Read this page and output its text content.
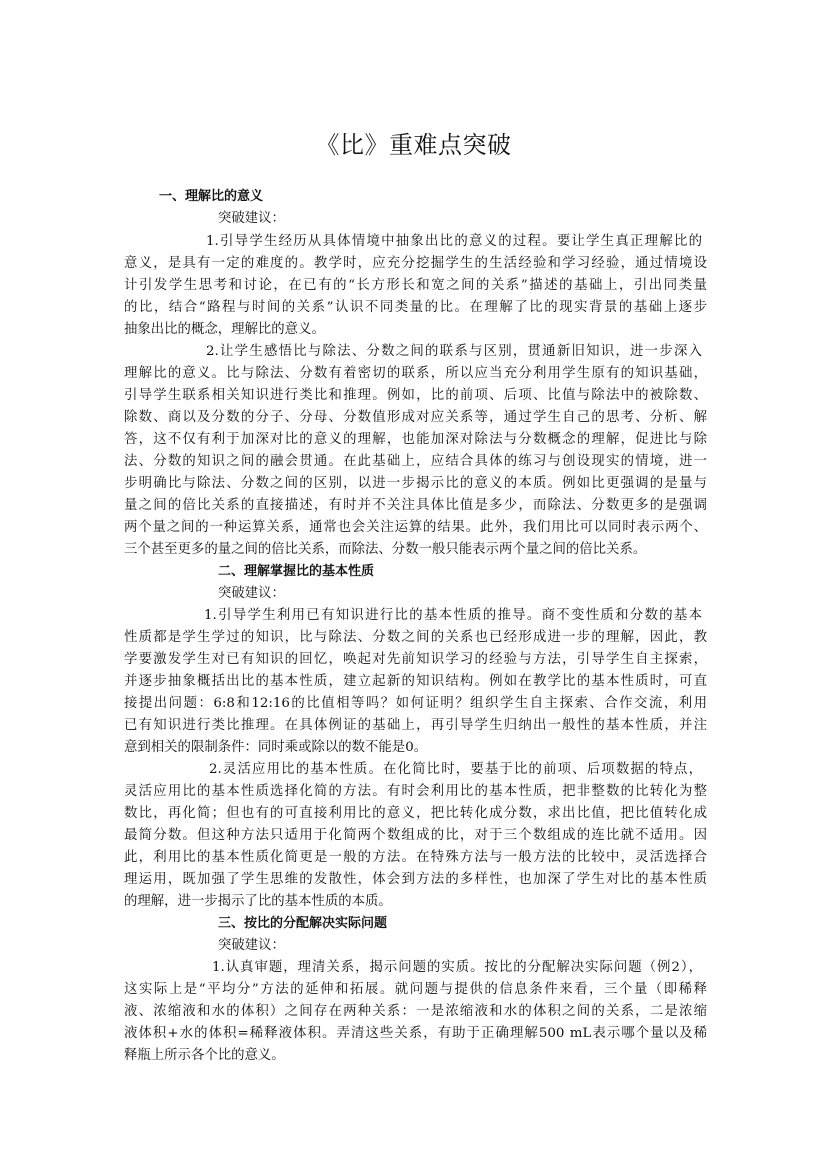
《比》重难点突破
一、理解比的意义
突破建议：
1.引导学生经历从具体情境中抽象出比的意义的过程。要让学生真正理解比的
意义，是具有一定的难度的。教学时，应充分挖掘学生的生活经验和学习经验，通过情境设
计引发学生思考和讨论，在已有的“长方形长和宽之间的关系”描述的基础上，引出同类量
的比，结合“路程与时间的关系”认识不同类量的比。在理解了比的现实背景的基础上逐步
抽象出比的概念，理解比的意义。
2.让学生感悟比与除法、分数之间的联系与区别，贯通新旧知识，进一步深入
理解比的意义。比与除法、分数有着密切的联系，所以应当充分利用学生原有的知识基础，
引导学生联系相关知识进行类比和推理。例如，比的前项、后项、比值与除法中的被除数、
除数、商以及分数的分子、分母、分数值形成对应关系等，通过学生自己的思考、分析、解
答，这不仅有利于加深对比的意义的理解，也能加深对除法与分数概念的理解，促进比与除
法、分数的知识之间的融会贯通。在此基础上，应结合具体的练习与创设现实的情境，进一
步明确比与除法、分数之间的区别，以进一步揭示比的意义的本质。例如比更强调的是量与
量之间的倍比关系的直接描述，有时并不关注具体比值是多少，而除法、分数更多的是强调
两个量之间的一种运算关系，通常也会关注运算的结果。此外，我们用比可以同时表示两个、
三个甚至更多的量之间的倍比关系，而除法、分数一般只能表示两个量之间的倍比关系。
二、理解掌握比的基本性质
突破建议：
1.引导学生利用已有知识进行比的基本性质的推导。商不变性质和分数的基本
性质都是学生学过的知识，比与除法、分数之间的关系也已经形成进一步的理解，因此，教
学要激发学生对已有知识的回忆，唤起对先前知识学习的经验与方法，引导学生自主探索，
并逐步抽象概括出比的基本性质，建立起新的知识结构。例如在教学比的基本性质时，可直
接提出问题：6:8和12:16的比值相等吗？如何证明？组织学生自主探索、合作交流，利用
已有知识进行类比推理。在具体例证的基础上，再引导学生归纳出一般性的基本性质，并注
意到相关的限制条件：同时乘或除以的数不能是0。
2.灵活应用比的基本性质。在化简比时，要基于比的前项、后项数据的特点，
灵活应用比的基本性质选择化简的方法。有时会利用比的基本性质，把非整数的比转化为整
数比，再化简；但也有的可直接利用比的意义，把比转化成分数，求出比值，把比值转化成
最简分数。但这种方法只适用于化简两个数组成的比，对于三个数组成的连比就不适用。因
此，利用比的基本性质化简更是一般的方法。在特殊方法与一般方法的比较中，灵活选择合
理运用，既加强了学生思维的发散性，体会到方法的多样性，也加深了学生对比的基本性质
的理解，进一步揭示了比的基本性质的本质。
三、按比的分配解决实际问题
突破建议：
1.认真审题，理清关系，揭示问题的实质。按比的分配解决实际问题（例2），
这实际上是“平均分”方法的延伸和拓展。就问题与提供的信息条件来看，三个量（即稀释
液、浓缩液和水的体积）之间存在两种关系：一是浓缩液和水的体积之间的关系，二是浓缩
液体积+水的体积=稀释液体积。弄清这些关系，有助于正确理解500 mL表示哪个量以及稀
释瓶上所示各个比的意义。
